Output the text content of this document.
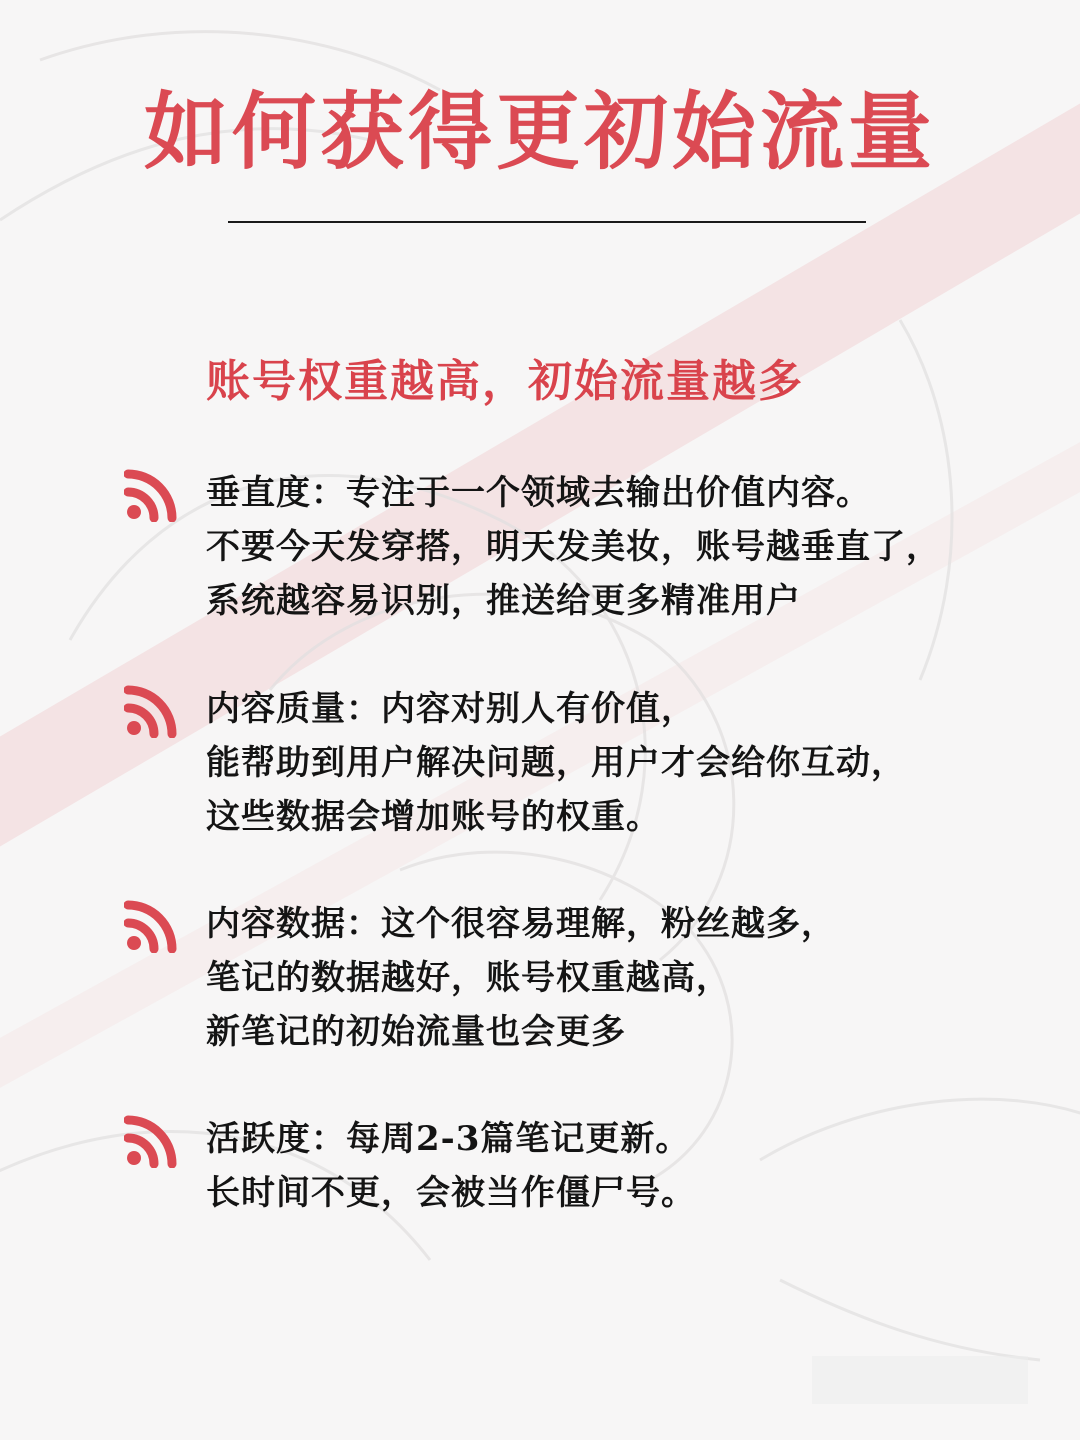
如何获得更初始流量
账号权重越高，初始流量越多
垂直度：专注于一个领域去输出价值内容。
不要今天发穿搭，明天发美妆，账号越垂直了，
系统越容易识别，推送给更多精准用户
内容质量：内容对别人有价值，
能帮助到用户解决问题，用户才会给你互动，
这些数据会增加账号的权重。
内容数据：这个很容易理解，粉丝越多，
笔记的数据越好，账号权重越高，
新笔记的初始流量也会更多
活跃度：每周2-3篇笔记更新。
长时间不更，会被当作僵尸号。
